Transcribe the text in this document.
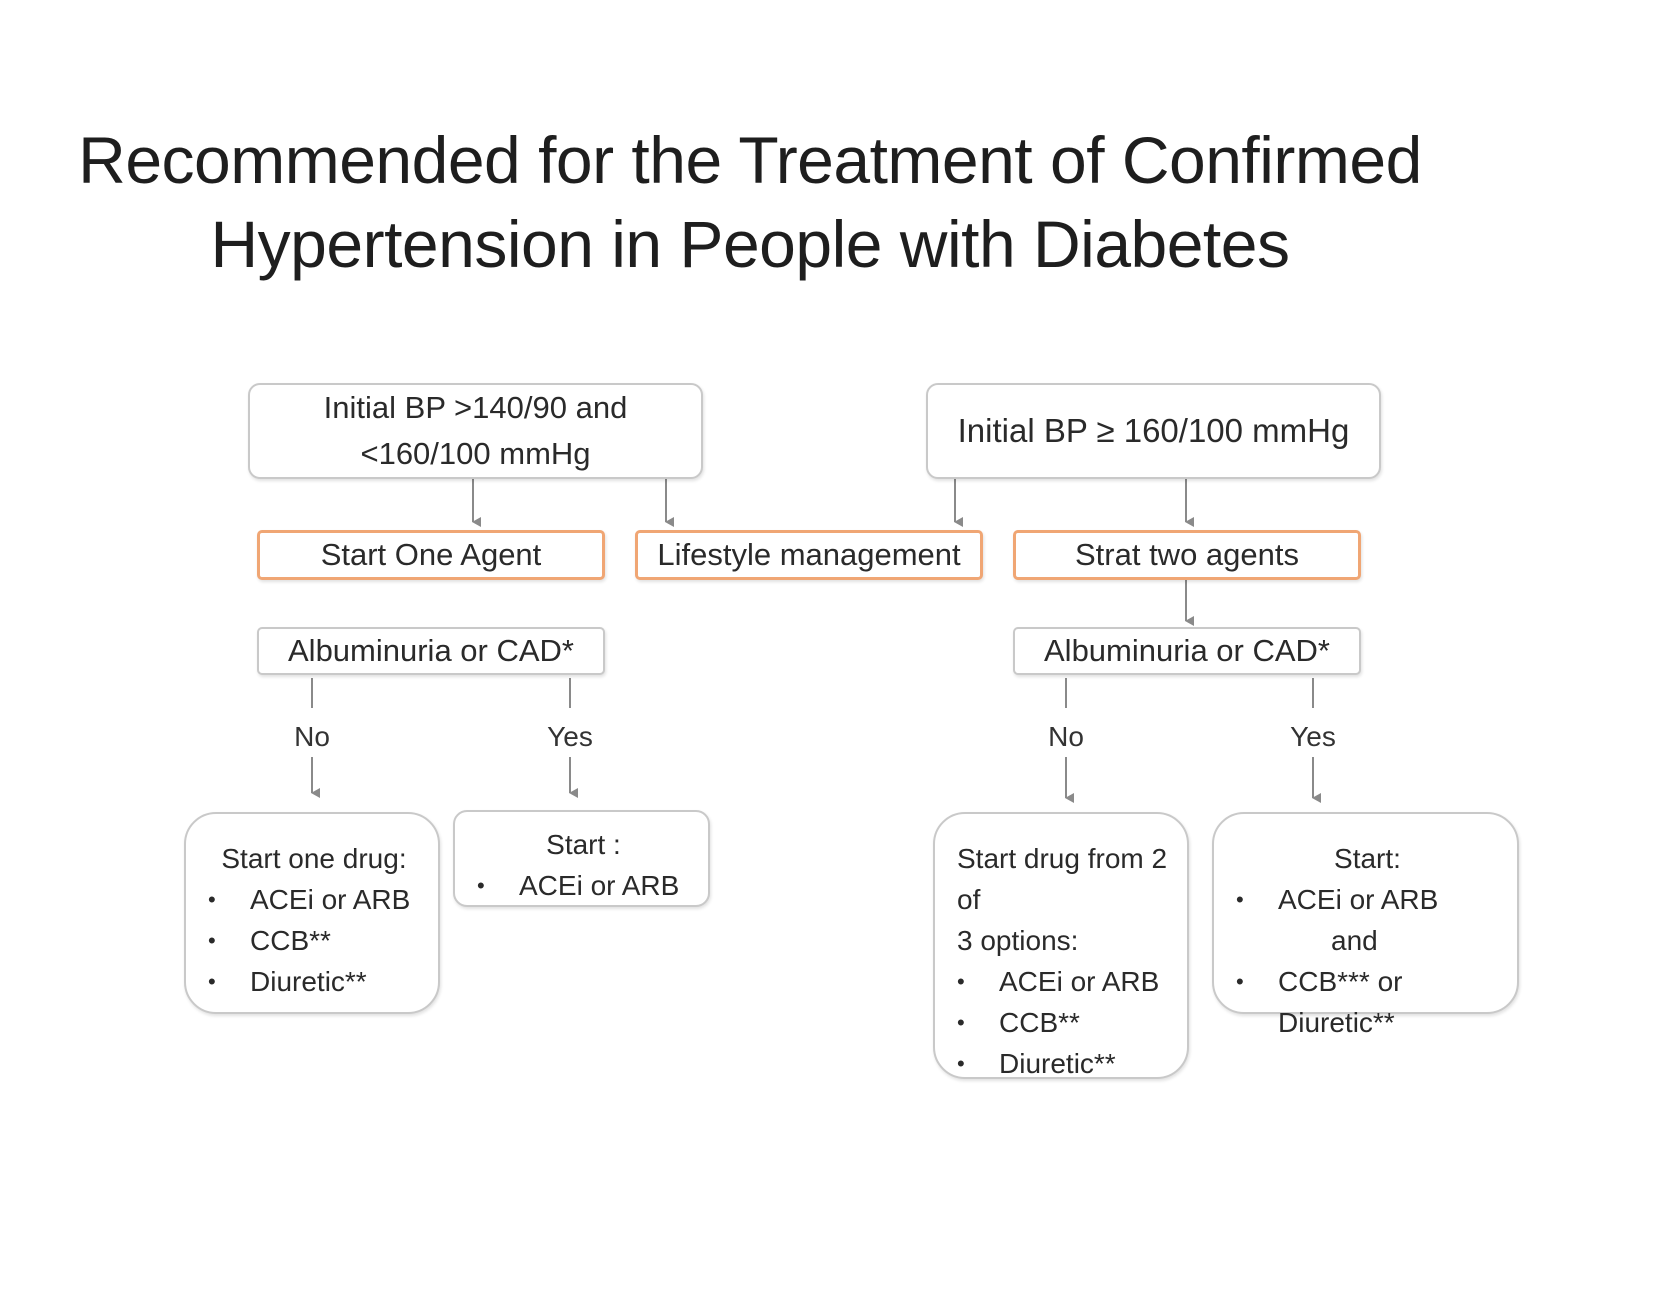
Recommended for the Treatment of Confirmed
Hypertension in People with Diabetes
Initial BP >140/90 and
<160/100 mmHg
Initial BP ≥ 160/100 mmHg
Start One Agent	Lifestyle management	Strat two agents
Albuminuria or CAD*	Albuminuria or CAD*
No	Yes	No	Yes
Start one drug:
• ACEi or ARB
• CCB**
• Diuretic**
Start :
• ACEi or ARB
Start drug from 2 of
3 options:
• ACEi or ARB
• CCB**
• Diuretic**
Start:
• ACEi or ARB
and
• CCB*** or Diuretic**
